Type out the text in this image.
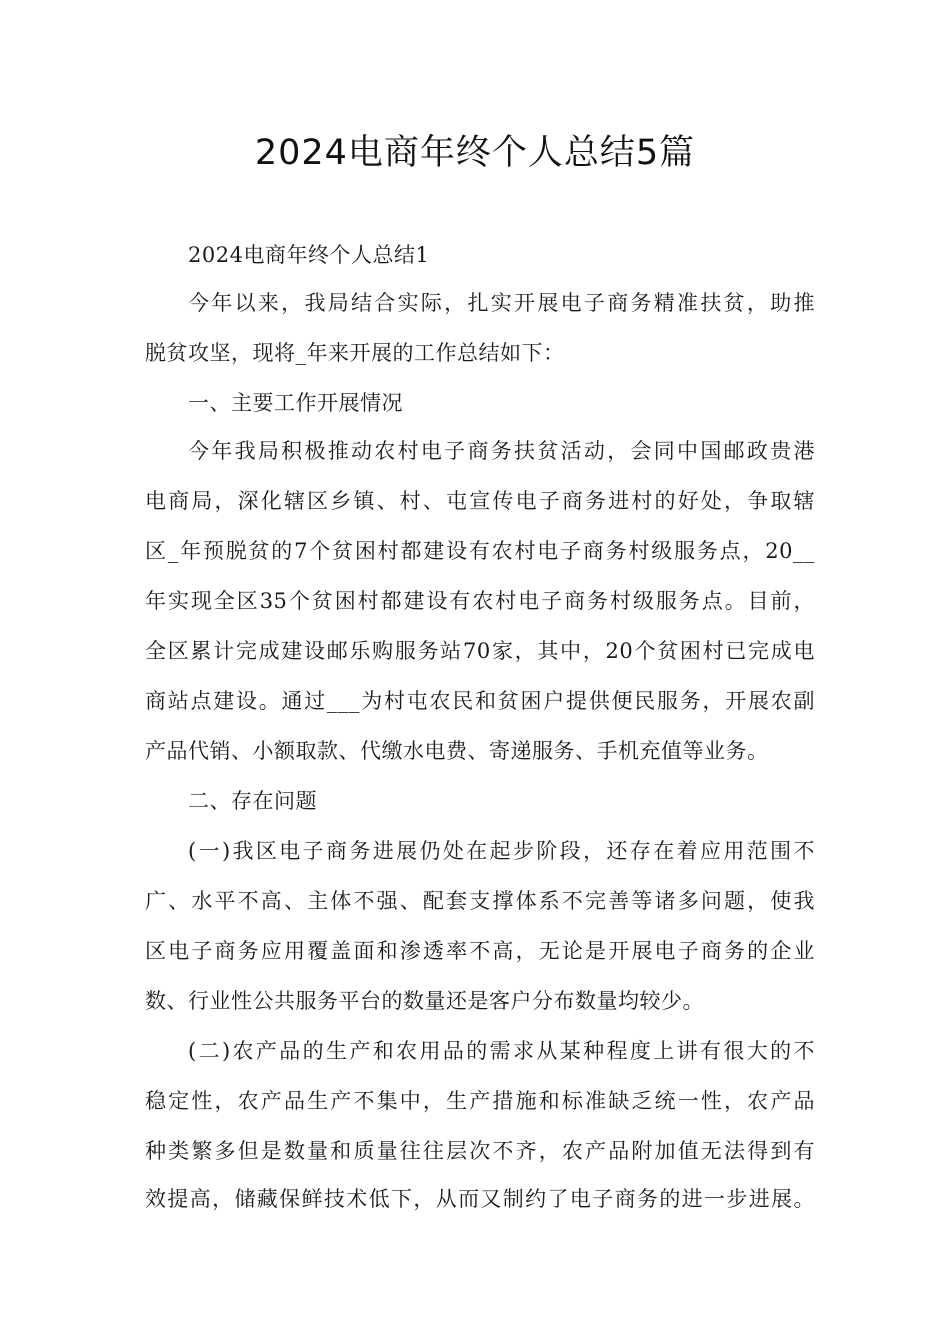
2024电商年终个人总结5篇
2024电商年终个人总结1
今年以来，我局结合实际，扎实开展电子商务精准扶贫，助推
脱贫攻坚，现将_年来开展的工作总结如下：
一、主要工作开展情况
今年我局积极推动农村电子商务扶贫活动，会同中国邮政贵港
电商局，深化辖区乡镇、村、屯宣传电子商务进村的好处，争取辖
区_年预脱贫的7个贫困村都建设有农村电子商务村级服务点，20__
年实现全区35个贫困村都建设有农村电子商务村级服务点。目前，
全区累计完成建设邮乐购服务站70家，其中，20个贫困村已完成电
商站点建设。通过___为村屯农民和贫困户提供便民服务，开展农副
产品代销、小额取款、代缴水电费、寄递服务、手机充值等业务。
二、存在问题
(一)我区电子商务进展仍处在起步阶段，还存在着应用范围不
广、水平不高、主体不强、配套支撑体系不完善等诸多问题，使我
区电子商务应用覆盖面和渗透率不高，无论是开展电子商务的企业
数、行业性公共服务平台的数量还是客户分布数量均较少。
(二)农产品的生产和农用品的需求从某种程度上讲有很大的不
稳定性，农产品生产不集中，生产措施和标准缺乏统一性，农产品
种类繁多但是数量和质量往往层次不齐，农产品附加值无法得到有
效提高，储藏保鲜技术低下，从而又制约了电子商务的进一步进展。
